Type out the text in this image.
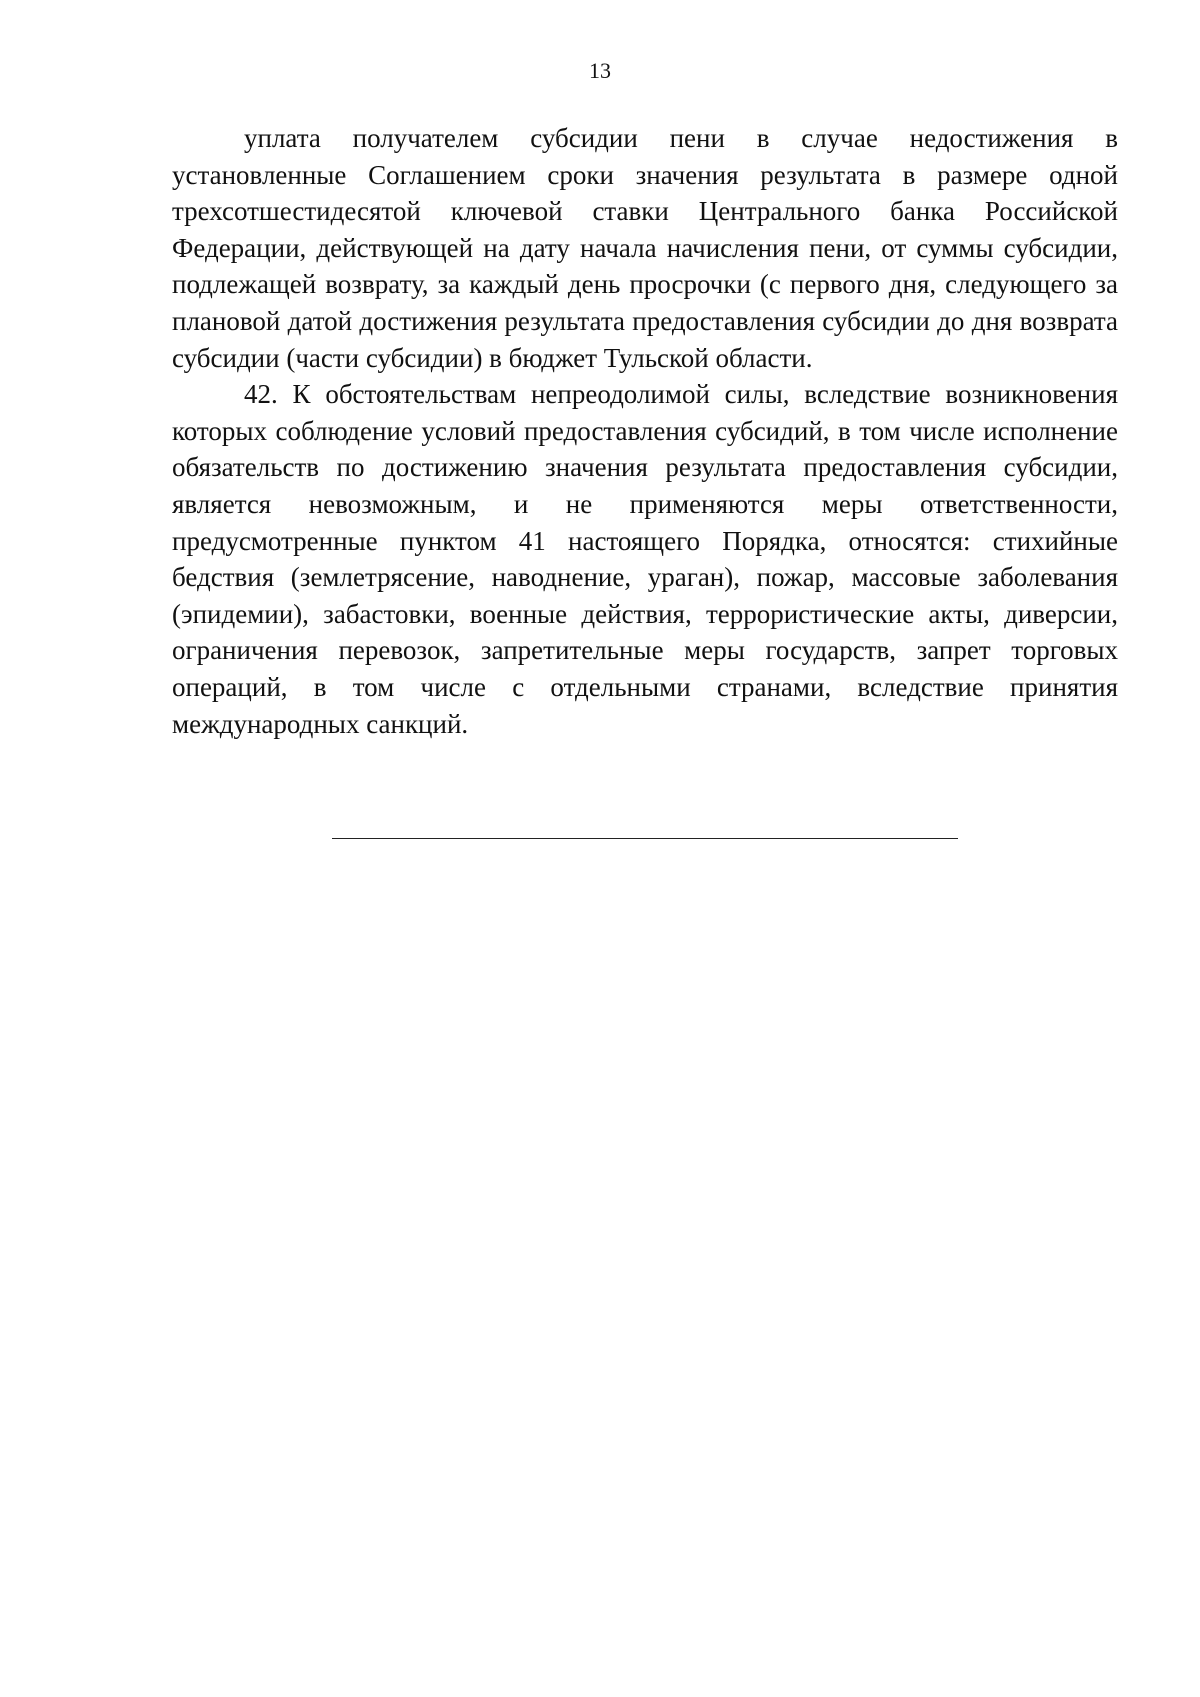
13

уплата получателем субсидии пени в случае недостижения в установленные Соглашением сроки значения результата в размере одной трехсотшестидесятой ключевой ставки Центрального банка Российской Федерации, действующей на дату начала начисления пени, от суммы субсидии, подлежащей возврату, за каждый день просрочки (с первого дня, следующего за плановой датой достижения результата предоставления субсидии до дня возврата субсидии (части субсидии) в бюджет Тульской области.

42. К обстоятельствам непреодолимой силы, вследствие возникновения которых соблюдение условий предоставления субсидий, в том числе исполнение обязательств по достижению значения результата предоставления субсидии, является невозможным, и не применяются меры ответственности, предусмотренные пунктом 41 настоящего Порядка, относятся: стихийные бедствия (землетрясение, наводнение, ураган), пожар, массовые заболевания (эпидемии), забастовки, военные действия, террористические акты, диверсии, ограничения перевозок, запретительные меры государств, запрет торговых операций, в том числе с отдельными странами, вследствие принятия международных санкций.
